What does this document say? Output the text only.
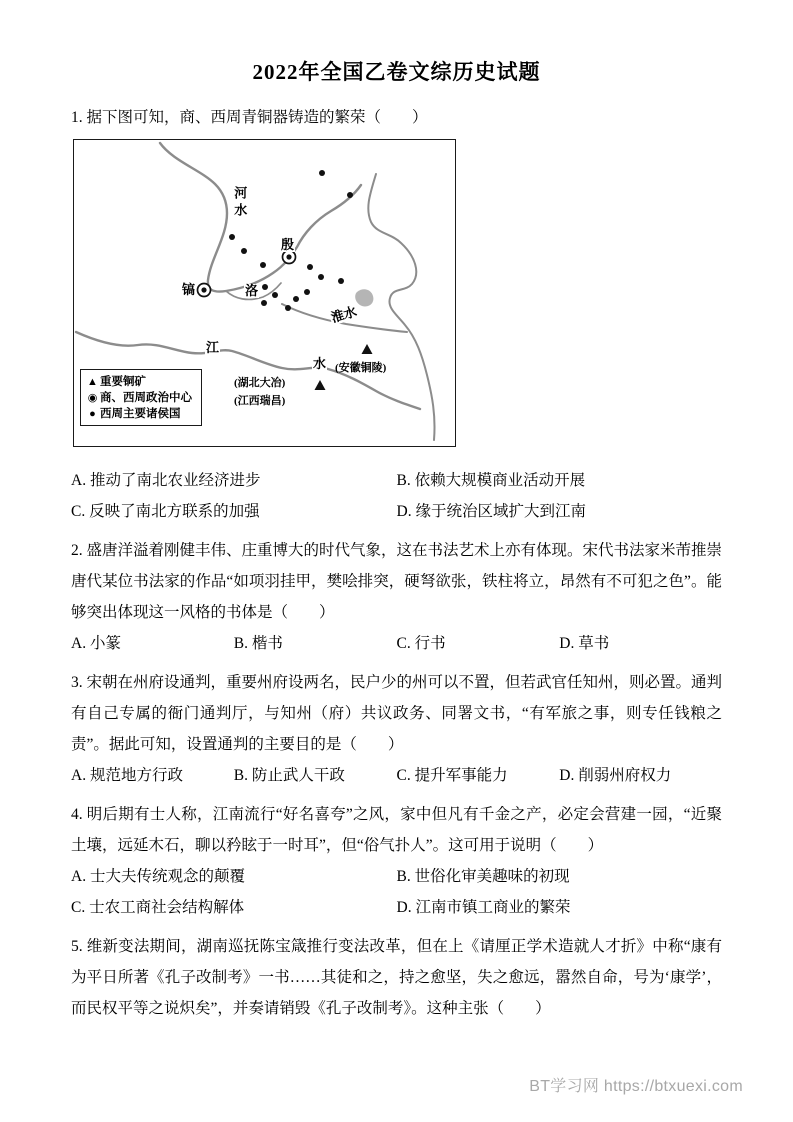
2022年全国乙卷文综历史试题

1. 据下图可知，商、西周青铜器铸造的繁荣（　　）

河水
殷
镐	洛
淮水
江
水 (安徽铜陵)
(湖北大冶)
(江西瑞昌)
▲ 重要铜矿
◉ 商、西周政治中心
● 西周主要诸侯国
A. 推动了南北农业经济进步	B. 依赖大规模商业活动开展
C. 反映了南北方联系的加强	D. 缘于统治区域扩大到江南

2. 盛唐洋溢着刚健丰伟、庄重博大的时代气象，这在书法艺术上亦有体现。宋代书法家米芾推崇唐代某位书法家的作品“如项羽挂甲，樊哙排突，硬弩欲张，铁柱将立，昂然有不可犯之色”。能够突出体现这一风格的书体是（　　）

A. 小篆	B. 楷书	C. 行书	D. 草书

3. 宋朝在州府设通判，重要州府设两名，民户少的州可以不置，但若武官任知州，则必置。通判有自己专属的衙门通判厅，与知州（府）共议政务、同署文书，“有军旅之事，则专任钱粮之责”。据此可知，设置通判的主要目的是（　　）

A. 规范地方行政	B. 防止武人干政	C. 提升军事能力	D. 削弱州府权力

4. 明后期有士人称，江南流行“好名喜夸”之风，家中但凡有千金之产，必定会营建一园，“近聚土壤，远延木石，聊以矜眩于一时耳”，但“俗气扑人”。这可用于说明（　　）

A. 士大夫传统观念的颠覆	B. 世俗化审美趣味的初现
C. 士农工商社会结构解体	D. 江南市镇工商业的繁荣

5. 维新变法期间，湖南巡抚陈宝箴推行变法改革，但在上《请厘正学术造就人才折》中称“康有为平日所著《孔子改制考》一书……其徒和之，持之愈坚，失之愈远，嚣然自命，号为‘康学’，而民权平等之说炽矣”，并奏请销毁《孔子改制考》。这种主张（　　）

BT学习网 https://btxuexi.com
